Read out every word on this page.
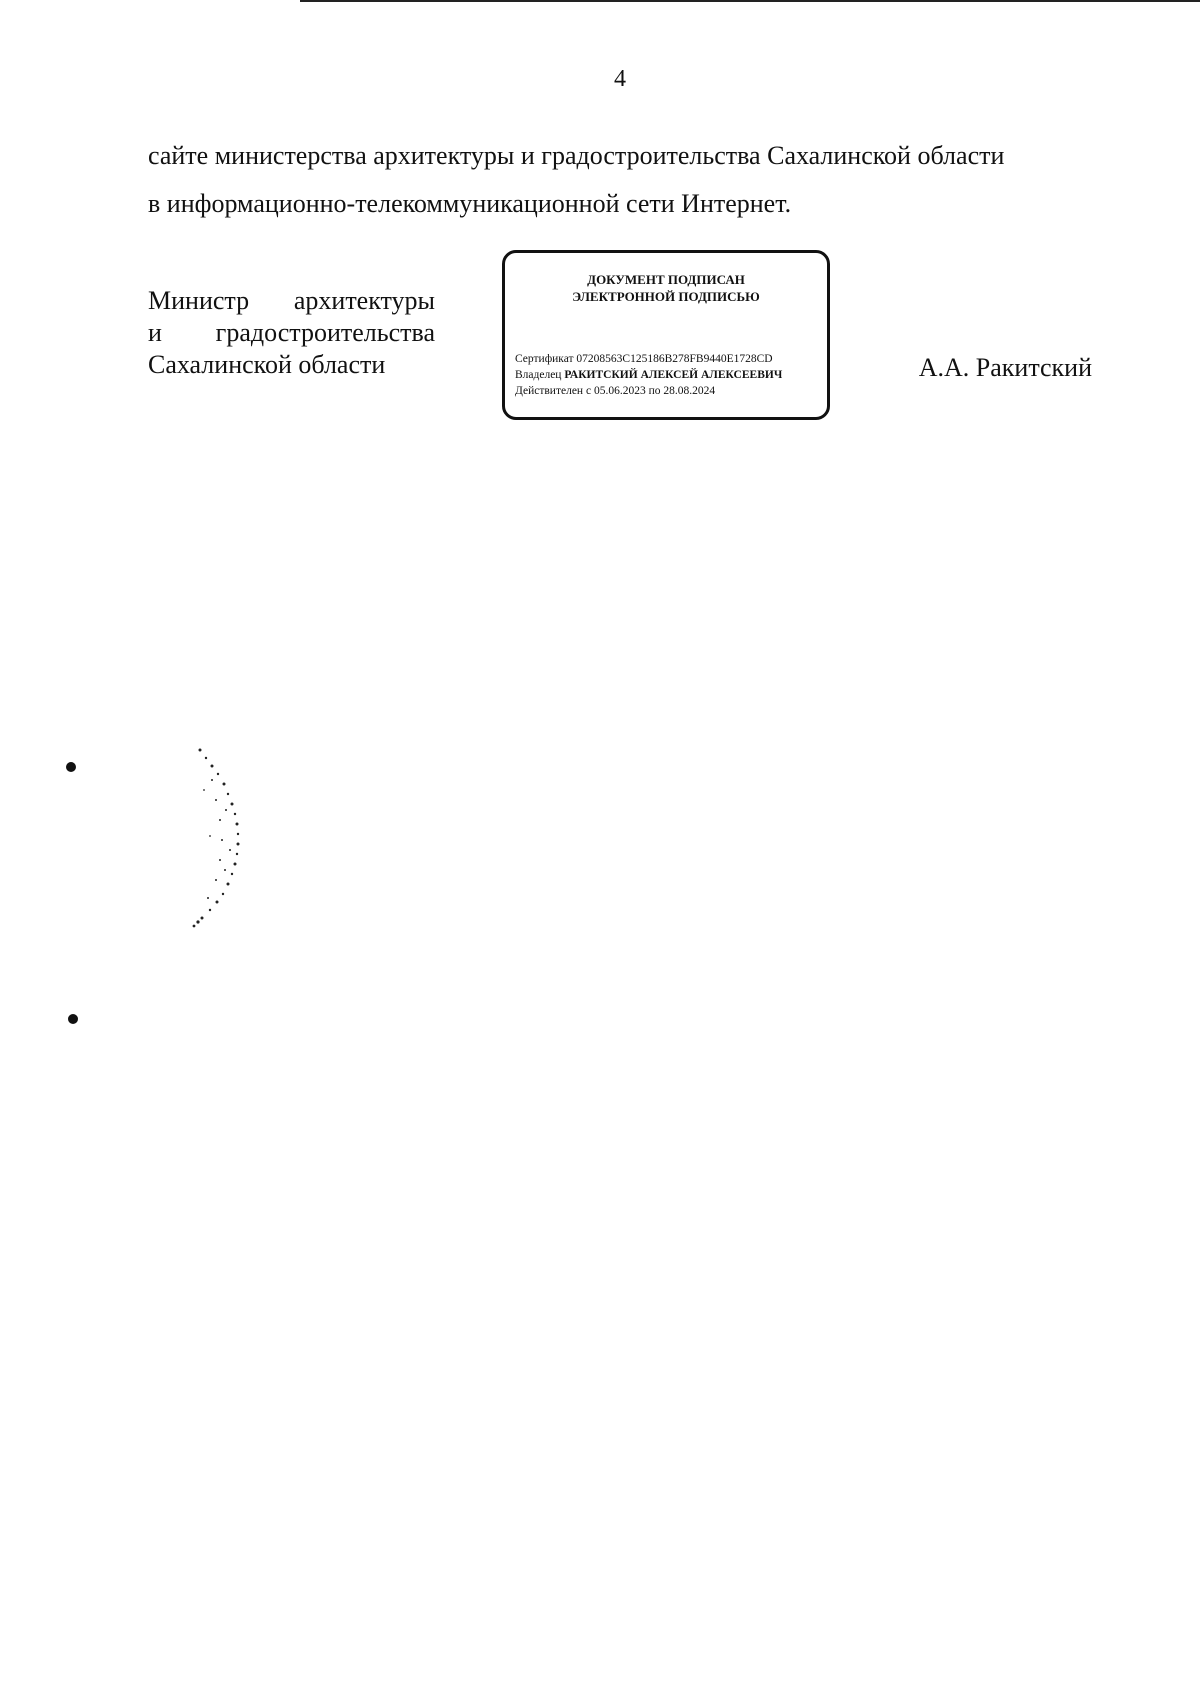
4

сайте министерства архитектуры и градостроительства Сахалинской области

в информационно-телекоммуникационной сети Интернет.

Министр архитектуры
и градостроительства
Сахалинской области
ДОКУМЕНТ ПОДПИСАН
ЭЛЕКТРОННОЙ ПОДПИСЬЮ
Сертификат 07208563C125186B278FB9440E1728CD
Владелец РАКИТСКИЙ АЛЕКСЕЙ АЛЕКСЕЕВИЧ
Действителен с 05.06.2023 по 28.08.2024
А.А. Ракитский
